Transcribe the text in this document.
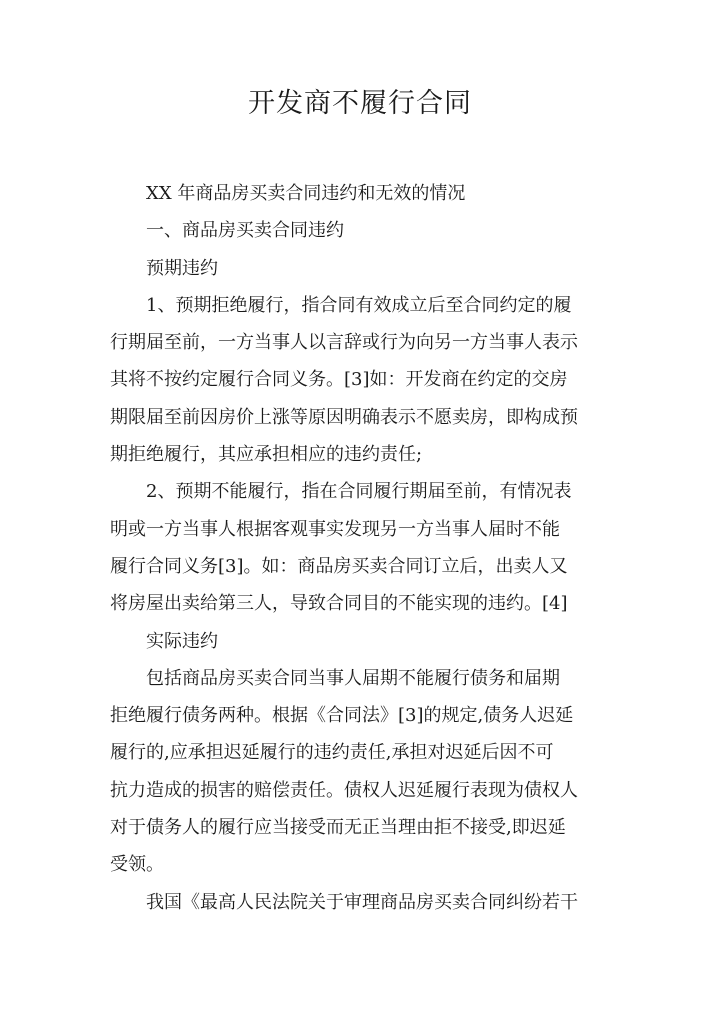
开发商不履行合同
XX 年商品房买卖合同违约和无效的情况
一、商品房买卖合同违约
预期违约
1、预期拒绝履行，指合同有效成立后至合同约定的履
行期届至前，一方当事人以言辞或行为向另一方当事人表示
其将不按约定履行合同义务。[3]如：开发商在约定的交房
期限届至前因房价上涨等原因明确表示不愿卖房，即构成预
期拒绝履行，其应承担相应的违约责任;
2、预期不能履行，指在合同履行期届至前，有情况表
明或一方当事人根据客观事实发现另一方当事人届时不能
履行合同义务[3]。如：商品房买卖合同订立后，出卖人又
将房屋出卖给第三人，导致合同目的不能实现的违约。[4]
实际违约
包括商品房买卖合同当事人届期不能履行债务和届期
拒绝履行债务两种。根据《合同法》[3]的规定,债务人迟延
履行的,应承担迟延履行的违约责任,承担对迟延后因不可
抗力造成的损害的赔偿责任。债权人迟延履行表现为债权人
对于债务人的履行应当接受而无正当理由拒不接受,即迟延
受领。
我国《最高人民法院关于审理商品房买卖合同纠纷若干
